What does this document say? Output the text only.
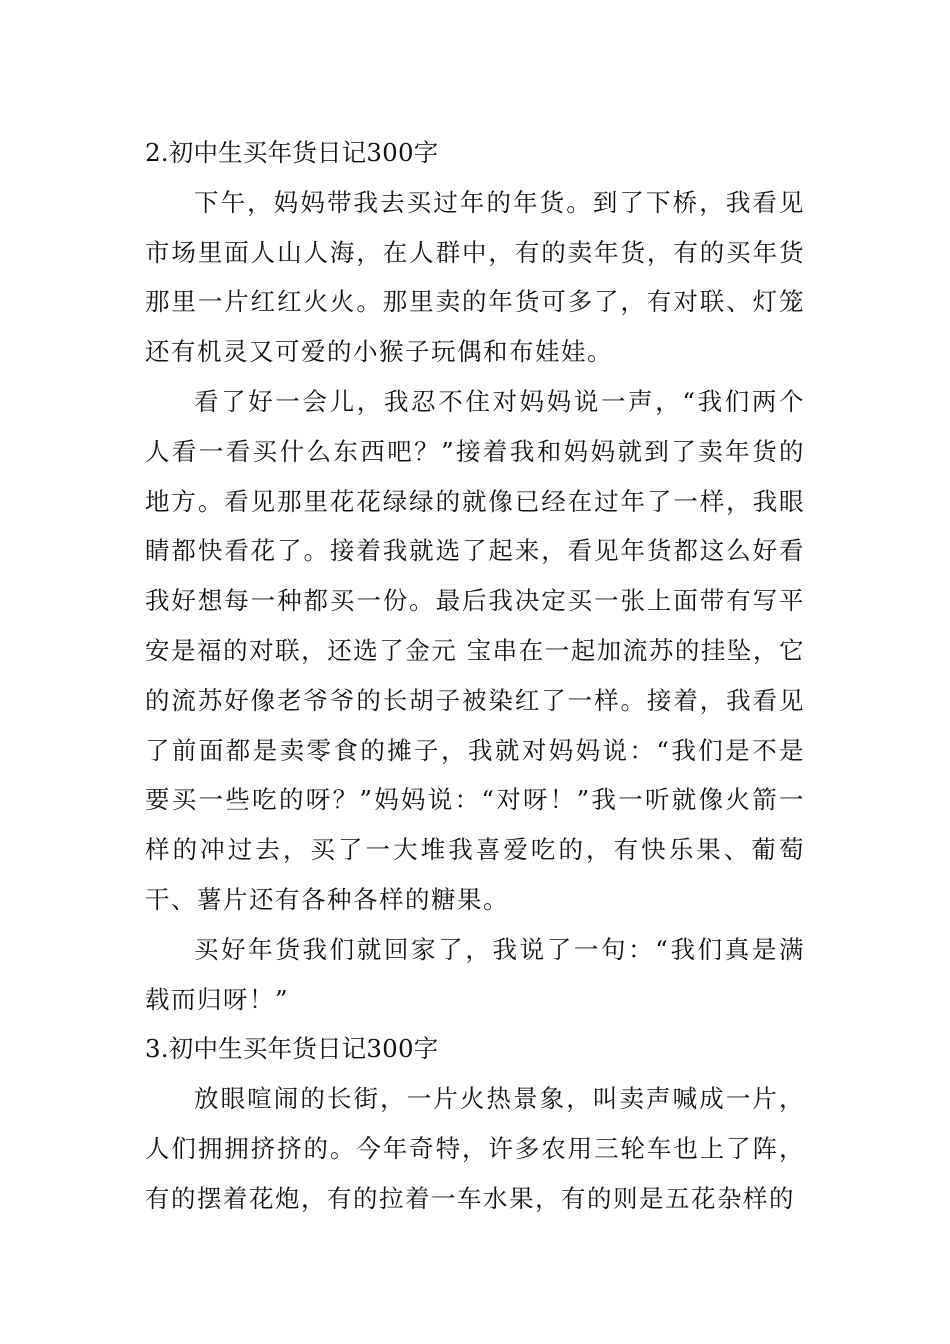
2.初中生买年货日记300字

下午，妈妈带我去买过年的年货。到了下桥，我看见市场里面人山人海，在人群中，有的卖年货，有的买年货那里一片红红火火。那里卖的年货可多了，有对联、灯笼还有机灵又可爱的小猴子玩偶和布娃娃。

看了好一会儿，我忍不住对妈妈说一声，“我们两个人看一看买什么东西吧？”接着我和妈妈就到了卖年货的地方。看见那里花花绿绿的就像已经在过年了一样，我眼睛都快看花了。接着我就选了起来，看见年货都这么好看我好想每一种都买一份。最后我决定买一张上面带有写平安是福的对联，还选了金元 宝串在一起加流苏的挂坠，它的流苏好像老爷爷的长胡子被染红了一样。接着，我看见了前面都是卖零食的摊子，我就对妈妈说：“我们是不是要买一些吃的呀？”妈妈说：“对呀！”我一听就像火箭一样的冲过去，买了一大堆我喜爱吃的，有快乐果、葡萄干、薯片还有各种各样的糖果。

买好年货我们就回家了，我说了一句：“我们真是满载而归呀！”

3.初中生买年货日记300字

放眼喧闹的长街，一片火热景象，叫卖声喊成一片，人们拥拥挤挤的。今年奇特，许多农用三轮车也上了阵，有的摆着花炮，有的拉着一车水果，有的则是五花杂样的
